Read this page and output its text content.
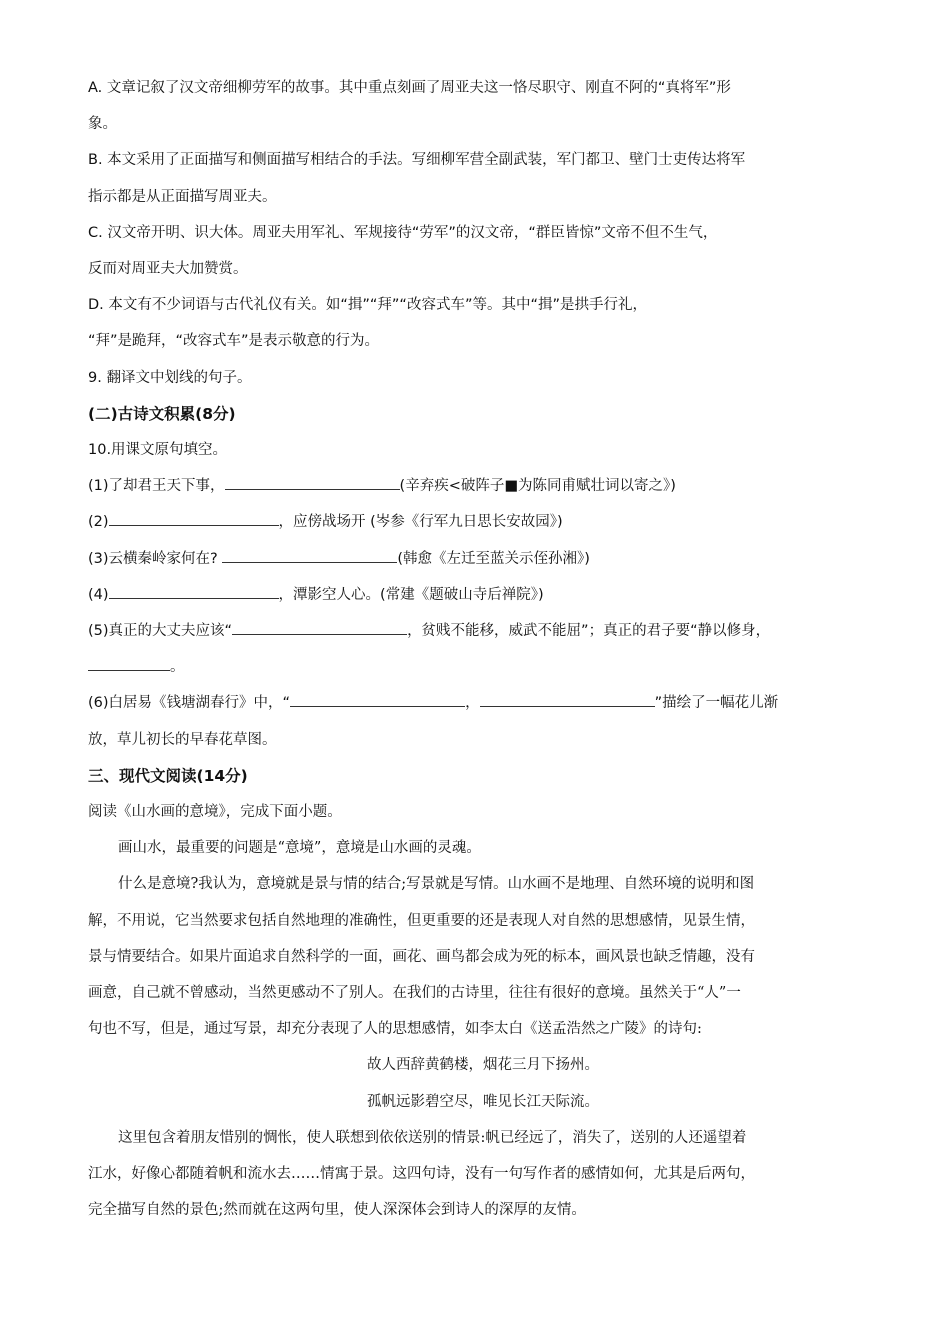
A. 文章记叙了汉文帝细柳劳军的故事。其中重点刻画了周亚夫这一恪尽职守、刚直不阿的“真将军”形
象。
B. 本文采用了正面描写和侧面描写相结合的手法。写细柳军营全副武装，军门都卫、壁门士吏传达将军
指示都是从正面描写周亚夫。
C. 汉文帝开明、识大体。周亚夫用军礼、军规接待“劳军”的汉文帝，“群臣皆惊”文帝不但不生气，
反而对周亚夫大加赞赏。
D. 本文有不少词语与古代礼仪有关。如“揖”“拜”“改容式车”等。其中“揖”是拱手行礼，
“拜”是跪拜，“改容式车”是表示敬意的行为。
9. 翻译文中划线的句子。
(二)古诗文积累(8分)
10.用课文原句填空。
(1)了却君王天下事，	(辛弃疾<破阵子■为陈同甫赋壮词以寄之》)
(2)	，应傍战场开 (岑参《行军九日思长安故园》)
(3)云横秦岭家何在?	(韩愈《左迁至蓝关示侄孙湘》)
(4)	，潭影空人心。(常建《题破山寺后禅院》)
(5)真正的大丈夫应该“	，贫贱不能移，威武不能屈”；真正的君子要“静以修身，
。
(6)白居易《钱塘湖春行》中，“	，	”描绘了一幅花儿渐
放，草儿初长的早春花草图。
三、现代文阅读(14分)
阅读《山水画的意境》，完成下面小题。
画山水，最重要的问题是“意境”，意境是山水画的灵魂。
什么是意境?我认为，意境就是景与情的结合;写景就是写情。山水画不是地理、自然环境的说明和图
解，不用说，它当然要求包括自然地理的准确性，但更重要的还是表现人对自然的思想感情，见景生情，
景与情要结合。如果片面追求自然科学的一面，画花、画鸟都会成为死的标本，画风景也缺乏情趣，没有
画意，自己就不曾感动，当然更感动不了别人。在我们的古诗里，往往有很好的意境。虽然关于“人”一
句也不写，但是，通过写景，却充分表现了人的思想感情，如李太白《送孟浩然之广陵》的诗句:
故人西辞黄鹤楼，烟花三月下扬州。
孤帆远影碧空尽，唯见长江天际流。
这里包含着朋友惜别的惆怅，使人联想到依依送别的情景:帆已经远了，消失了，送别的人还遥望着
江水，好像心都随着帆和流水去……情寓于景。这四句诗，没有一句写作者的感情如何，尤其是后两句，
完全描写自然的景色;然而就在这两句里，使人深深体会到诗人的深厚的友情。
